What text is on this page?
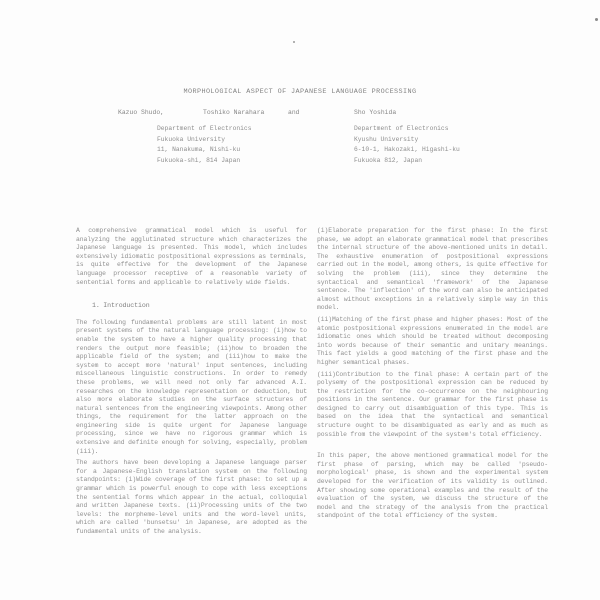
MORPHOLOGICAL ASPECT OF JAPANESE LANGUAGE PROCESSING
Kazuo Shudo,	Toshiko Narahara	and	Sho Yoshida
Department of Electronics
Fukuoka University
11, Nanakuma, Nishi-ku
Fukuoka-shi, 814 Japan
Department of Electronics
Kyushu University
6-10-1, Hakozaki, Higashi-ku
Fukuoka 812, Japan

A comprehensive grammatical model which is useful for analyzing the agglutinated structure which characterizes the Japanese language is presented. This model, which includes extensively idiomatic postpositional expressions as terminals, is quite effective for the development of the Japanese language processor receptive of a reasonable variety of sentential forms and applicable to relatively wide fields.

1. Introduction

The following fundamental problems are still latent in most present systems of the natural language processing: (i)how to enable the system to have a higher quality processing that renders the output more feasible; (ii)how to broaden the applicable field of the system; and (iii)how to make the system to accept more 'natural' input sentences, including miscellaneous linguistic constructions. In order to remedy these problems, we will need not only far advanced A.I. researches on the knowledge representation or deduction, but also more elaborate studies on the surface structures of natural sentences from the engineering viewpoints. Among other things, the requirement for the latter approach on the engineering side is quite urgent for Japanese language processing, since we have no rigorous grammar which is extensive and definite enough for solving, especially, problem (iii).

The authors have been developing a Japanese language parser for a Japanese-English translation system on the following standpoints: (i)Wide coverage of the first phase: to set up a grammar which is powerful enough to cope with less exceptions the sentential forms which appear in the actual, colloquial and written Japanese texts. (ii)Processing units of the two levels: the morpheme-level units and the word-level units, which are called 'bunsetsu' in Japanese, are adopted as the fundamental units of the analysis.

(i)Elaborate preparation for the first phase: In the first phase, we adopt an elaborate grammatical model that prescribes the internal structure of the above-mentioned units in detail. The exhaustive enumeration of postpositional expressions carried out in the model, among others, is quite effective for solving the problem (iii), since they determine the syntactical and semantical 'framework' of the Japanese sentence. The 'inflection' of the word can also be anticipated almost without exceptions in a relatively simple way in this model.

(ii)Matching of the first phase and higher phases: Most of the atomic postpositional expressions enumerated in the model are idiomatic ones which should be treated without decomposing into words because of their semantic and unitary meanings. This fact yields a good matching of the first phase and the higher semantical phases.

(iii)Contribution to the final phase: A certain part of the polysemy of the postpositional expression can be reduced by the restriction for the co-occurrence on the neighbouring positions in the sentence. Our grammar for the first phase is designed to carry out disambiguation of this type. This is based on the idea that the syntactical and semantical structure ought to be disambiguated as early and as much as possible from the viewpoint of the system's total efficiency.

In this paper, the above mentioned grammatical model for the first phase of parsing, which may be called 'pseudo-morphological' phase, is shown and the experimental system developed for the verification of its validity is outlined. After showing some operational examples and the result of the evaluation of the system, we discuss the structure of the model and the strategy of the analysis from the practical standpoint of the total efficiency of the system.
